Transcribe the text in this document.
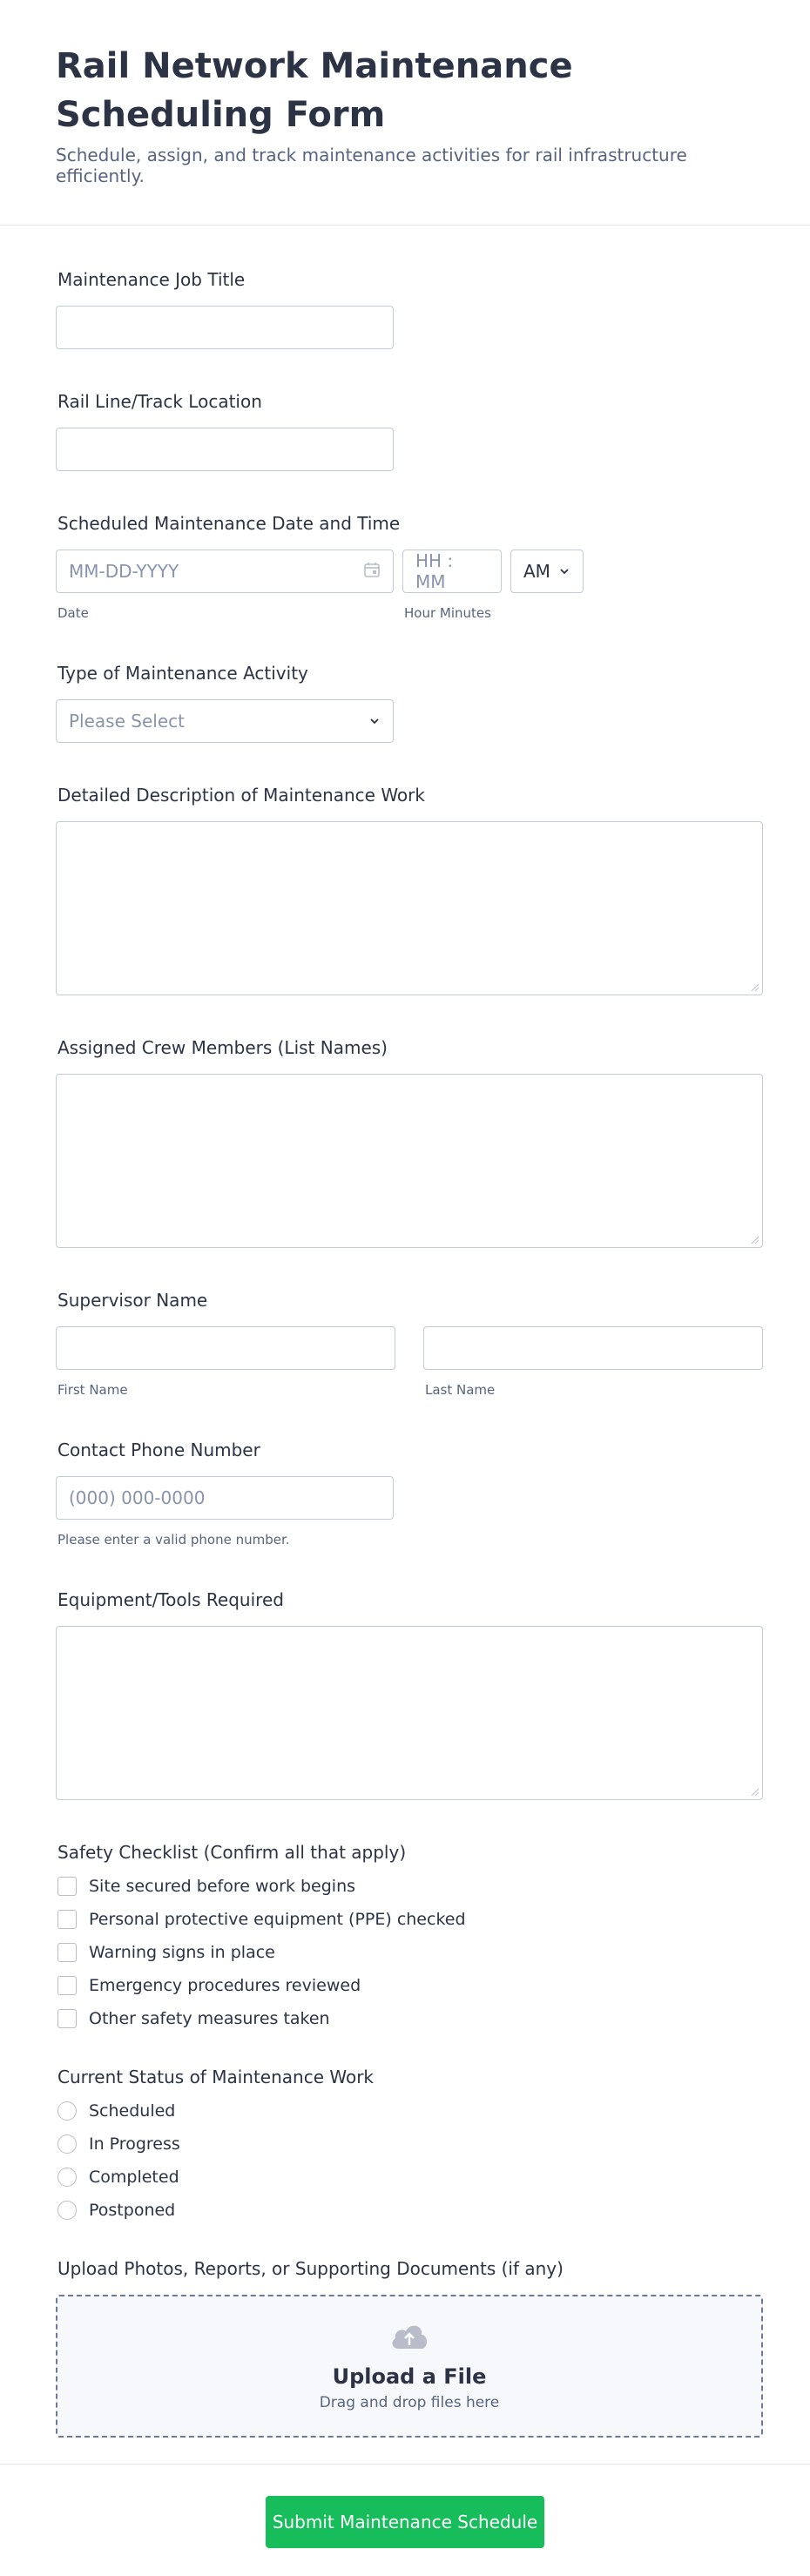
Rail Network Maintenance Scheduling Form
Schedule, assign, and track maintenance activities for rail infrastructure efficiently.
Maintenance Job Title
Rail Line/Track Location
Scheduled Maintenance Date and Time
MM-DD-YYYY
Date
HH : MM	AM
Hour Minutes
Type of Maintenance Activity
Please Select
Detailed Description of Maintenance Work
Assigned Crew Members (List Names)
Supervisor Name
First Name	Last Name
Contact Phone Number
(000) 000-0000
Please enter a valid phone number.
Equipment/Tools Required
Safety Checklist (Confirm all that apply)
Site secured before work begins
Personal protective equipment (PPE) checked
Warning signs in place
Emergency procedures reviewed
Other safety measures taken
Current Status of Maintenance Work
Scheduled
In Progress
Completed
Postponed
Upload Photos, Reports, or Supporting Documents (if any)
Upload a File
Drag and drop files here
Submit Maintenance Schedule
